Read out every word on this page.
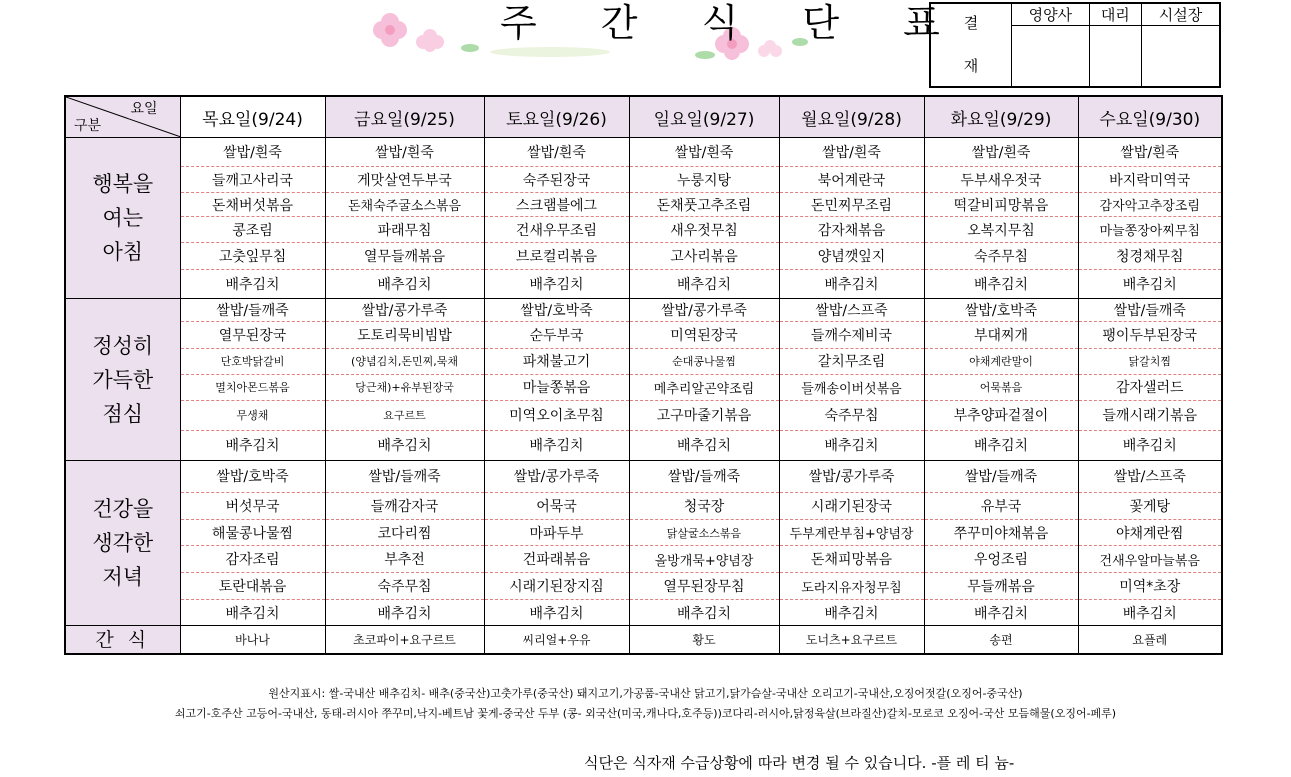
주 간 식 단 표
결
재	영양사	대리	시설장

요일
구분	목요일(9/24)	금요일(9/25)	토요일(9/26)	일요일(9/27)	월요일(9/28)	화요일(9/29)	수요일(9/30)

행복을
여는
아침	쌀밥/흰죽	쌀밥/흰죽	쌀밥/흰죽	쌀밥/흰죽	쌀밥/흰죽	쌀밥/흰죽	쌀밥/흰죽
	들깨고사리국	게맛살연두부국	숙주된장국	누룽지탕	북어계란국	두부새우젓국	바지락미역국
	돈채버섯볶음	돈채숙주굴소스볶음	스크램블에그	돈채풋고추조림	돈민찌무조림	떡갈비피망볶음	감자악고추장조림
	콩조림	파래무침	건새우무조림	새우젓무침	감자채볶음	오복지무침	마늘쫑장아찌무침
	고춧잎무침	열무들깨볶음	브로컬리볶음	고사리볶음	양념깻잎지	숙주무침	청경채무침
	배추김치	배추김치	배추김치	배추김치	배추김치	배추김치	배추김치

정성히
가득한
점심	쌀밥/들깨죽	쌀밥/콩가루죽	쌀밥/호박죽	쌀밥/콩가루죽	쌀밥/스프죽	쌀밥/호박죽	쌀밥/들깨죽
	열무된장국	도토리묵비빔밥	순두부국	미역된장국	들깨수제비국	부대찌개	팽이두부된장국
	단호박닭갈비	(양념김치,돈민찌,묵채	파채불고기	순대콩나물찜	갈치무조림	야채계란말이	닭갈치찜
	멸치아몬드볶음	당근채)+유부된장국	마늘쫑볶음	메추리알곤약조림	들깨송이버섯볶음	어묵볶음	감자샐러드
	무생채	요구르트	미역오이초무침	고구마줄기볶음	숙주무침	부추양파겉절이	들깨시래기볶음
	배추김치	배추김치	배추김치	배추김치	배추김치	배추김치	배추김치

건강을
생각한
저녁	쌀밥/호박죽	쌀밥/들깨죽	쌀밥/콩가루죽	쌀밥/들깨죽	쌀밥/콩가루죽	쌀밥/들깨죽	쌀밥/스프죽
	버섯무국	들깨감자국	어묵국	청국장	시래기된장국	유부국	꽃게탕
	해물콩나물찜	코다리찜	마파두부	닭살굴소스볶음	두부계란부침+양념장	쭈꾸미야채볶음	야채계란찜
	감자조림	부추전	건파래볶음	올방개묵+양념장	돈채피망볶음	우엉조림	건새우알마늘볶음
	토란대볶음	숙주무침	시래기된장지짐	열무된장무침	도라지유자청무침	무들깨볶음	미역*초장
	배추김치	배추김치	배추김치	배추김치	배추김치	배추김치	배추김치
간 식	바나나	초코파이+요구르트	씨리얼+우유	황도	도너츠+요구르트	송편	요플레
원산지표시: 쌀-국내산 배추김치- 배추(중국산)고춧가루(중국산) 돼지고기,가공품-국내산 닭고기,닭가슴살-국내산 오리고기-국내산,오징어젓갈(오징어-중국산)
쇠고기-호주산 고등어-국내산, 동태-러시아 쭈꾸미,낙지-베트남 꽃게-중국산 두부 (콩- 외국산(미국,캐나다,호주등))코다리-러시아,닭정육살(브라질산)갈치-모로코 오징어-국산 모듬해물(오징어-페루)
식단은 식자재 수급상황에 따라 변경 될 수 있습니다. -플 레 티 늄-
